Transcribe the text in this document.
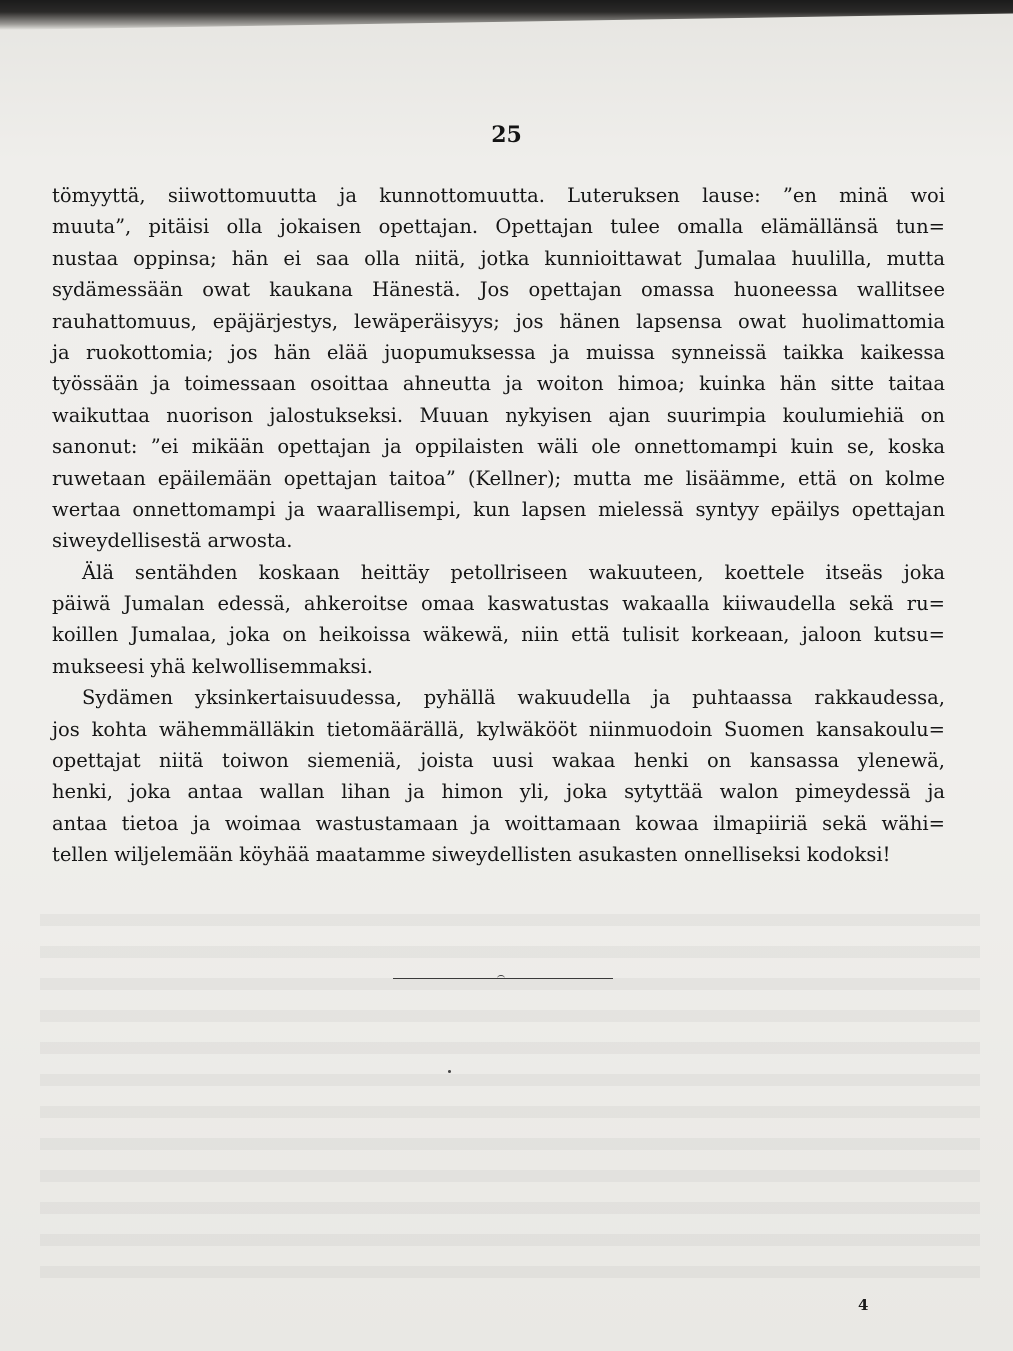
25
tömyyttä, siiwottomuutta ja kunnottomuutta. Luteruksen lause: ”en minä woi
muuta”, pitäisi olla jokaisen opettajan. Opettajan tulee omalla elämällänsä tun=
nustaa oppinsa; hän ei saa olla niitä, jotka kunnioittawat Jumalaa huulilla, mutta
sydämessään owat kaukana Hänestä. Jos opettajan omassa huoneessa wallitsee
rauhattomuus, epäjärjestys, lewäperäisyys; jos hänen lapsensa owat huolimattomia
ja ruokottomia; jos hän elää juopumuksessa ja muissa synneissä taikka kaikessa
työssään ja toimessaan osoittaa ahneutta ja woiton himoa; kuinka hän sitte taitaa
waikuttaa nuorison jalostukseksi. Muuan nykyisen ajan suurimpia koulumiehiä on
sanonut: ”ei mikään opettajan ja oppilaisten wäli ole onnettomampi kuin se, koska
ruwetaan epäilemään opettajan taitoa” (Kellner); mutta me lisäämme, että on kolme
wertaa onnettomampi ja waarallisempi, kun lapsen mielessä syntyy epäilys opettajan
siweydellisestä arwosta.
Älä sentähden koskaan heittäy petollriseen wakuuteen, koettele itseäs joka
päiwä Jumalan edessä, ahkeroitse omaa kaswatustas wakaalla kiiwaudella sekä ru=
koillen Jumalaa, joka on heikoissa wäkewä, niin että tulisit korkeaan, jaloon kutsu=
mukseesi yhä kelwollisemmaksi.
Sydämen yksinkertaisuudessa, pyhällä wakuudella ja puhtaassa rakkaudessa,
jos kohta wähemmälläkin tietomäärällä, kylwäkööt niinmuodoin Suomen kansakoulu=
opettajat niitä toiwon siemeniä, joista uusi wakaa henki on kansassa ylenewä,
henki, joka antaa wallan lihan ja himon yli, joka sytyttää walon pimeydessä ja
antaa tietoa ja woimaa wastustamaan ja woittamaan kowaa ilmapiiriä sekä wähi=
tellen wiljelemään köyhää maatamme siweydellisten asukasten onnelliseksi kodoksi!
4
